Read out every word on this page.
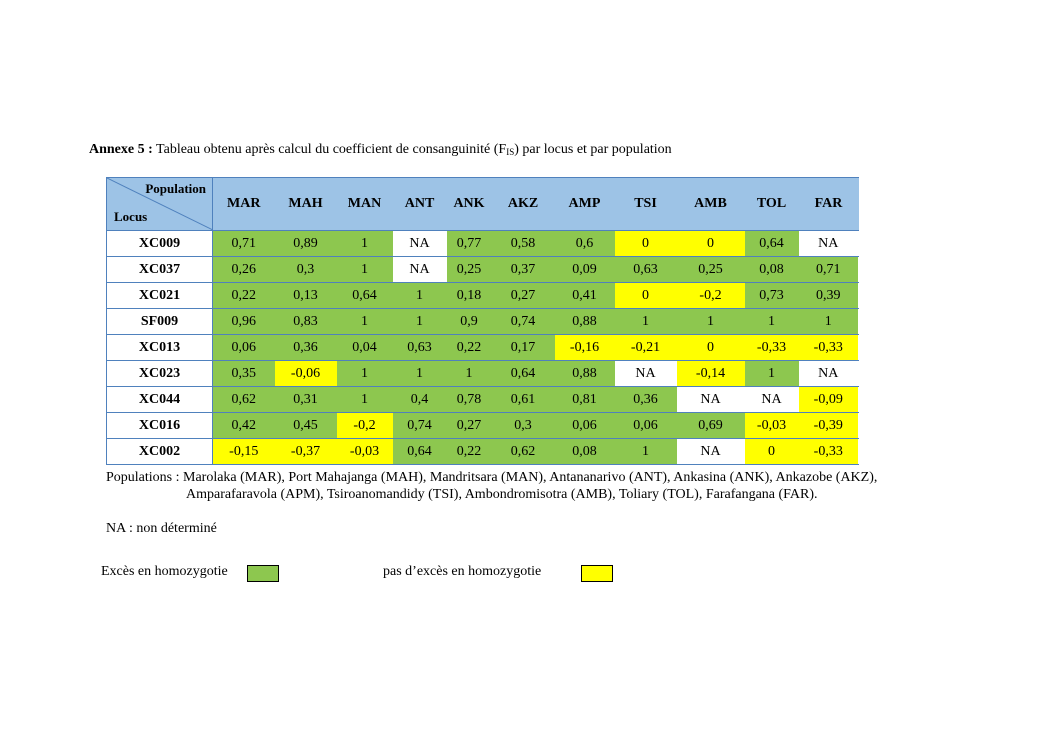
Annexe 5 : Tableau obtenu après calcul du coefficient de consanguinité $(F_{IS})$ par locus et par population
Population
Locus	MAR	MAH	MAN	ANT	ANK	AKZ	AMP	TSI	AMB	TOL	FAR
XC009	0,71	0,89	1	NA	0,77	0,58	0,6	0	0	0,64	NA
XC037	0,26	0,3	1	NA	0,25	0,37	0,09	0,63	0,25	0,08	0,71
XC021	0,22	0,13	0,64	1	0,18	0,27	0,41	0	-0,2	0,73	0,39
SF009	0,96	0,83	1	1	0,9	0,74	0,88	1	1	1	1
XC013	0,06	0,36	0,04	0,63	0,22	0,17	-0,16	-0,21	0	-0,33	-0,33
XC023	0,35	-0,06	1	1	1	0,64	0,88	NA	-0,14	1	NA
XC044	0,62	0,31	1	0,4	0,78	0,61	0,81	0,36	NA	NA	-0,09
XC016	0,42	0,45	-0,2	0,74	0,27	0,3	0,06	0,06	0,69	-0,03	-0,39
XC002	-0,15	-0,37	-0,03	0,64	0,22	0,62	0,08	1	NA	0	-0,33
Populations : Marolaka (MAR), Port Mahajanga (MAH), Mandritsara (MAN), Antananarivo (ANT), Ankasina (ANK), Ankazobe (AKZ),
Amparafaravola (APM), Tsiroanomandidy (TSI), Ambondromisotra (AMB), Toliary (TOL), Farafangana (FAR).
NA : non déterminé
Excès en homozygotie	pas d’excès en homozygotie
